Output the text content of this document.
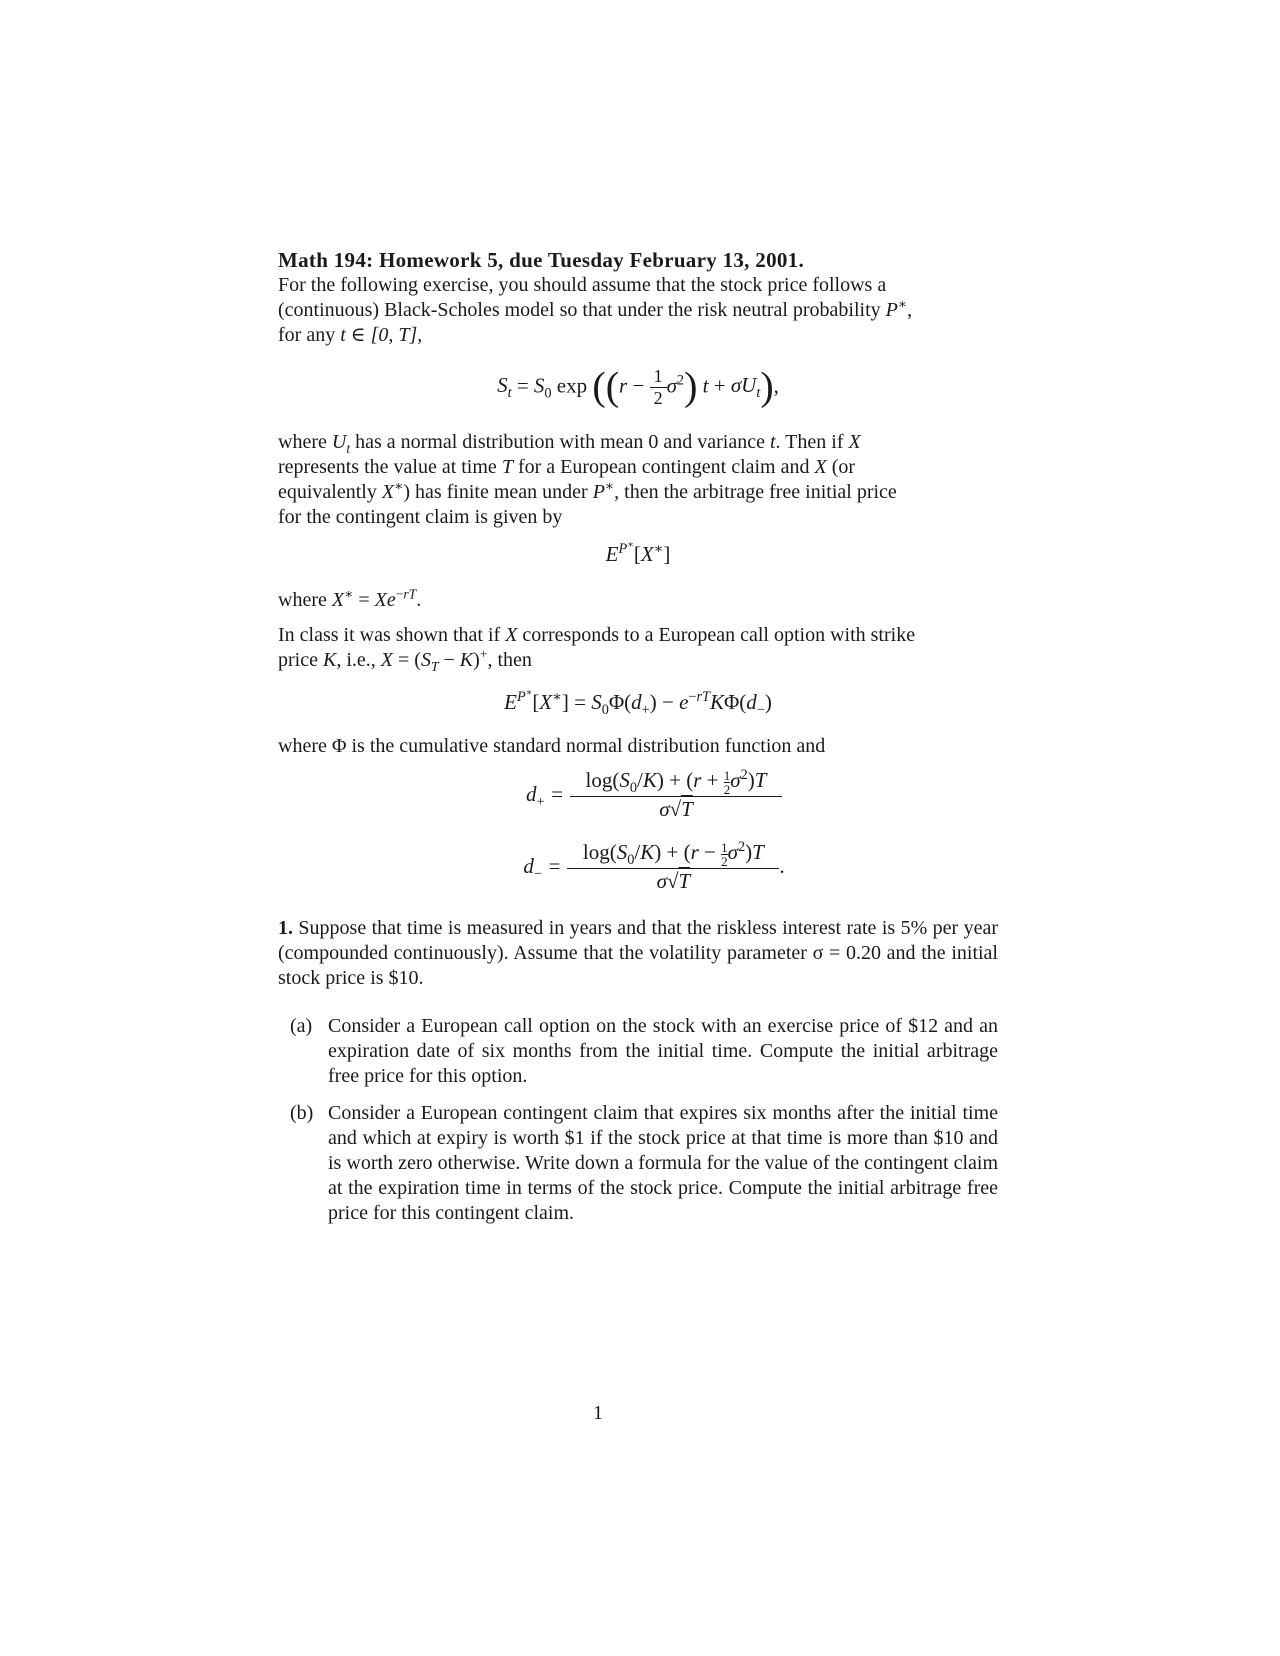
Math 194: Homework 5, due Tuesday February 13, 2001.
For the following exercise, you should assume that the stock price follows a
(continuous) Black-Scholes model so that under the risk neutral probability P∗,
for any t ∈ [0, T],
$S_t = S_0$ $\exp ((r - \frac{1}{2} \sigma^2)$ $t + \sigma U_t$),
where $U_t$ has a normal distribution with mean 0 and variance t. Then if X
represents the value at time T for a European contingent claim and X (or
equivalently X∗) has finite mean under P∗, then the arbitrage free initial price
for the contingent claim is given by
$E^{P^∗}[X^∗]$
where $X^∗ = Xe^{-rT}$.
In class it was shown that if X corresponds to a European call option with strike
price K, i.e., $X = (S_T - K)^+$, then
$E^{P^∗}[X^∗] = S_0\Phi(d_+) - e^{-rT}K\Phi(d_-)$
where Φ is the cumulative standard normal distribution function and
$d_+ = \frac{\log(S_0/K) + (r + \frac{1}{2} \sigma^2)T}{\sigma√T}$
$d_- = \frac{\log(S_0/K) + (r - \frac{1}{2} \sigma^2)T}{\sigma√T}$ .
1. Suppose that time is measured in years and that the riskless interest rate is 5% per year (compounded continuously). Assume that the volatility parameter σ = 0.20 and the initial stock price is $10.
(a) Consider a European call option on the stock with an exercise price of $12 and an expiration date of six months from the initial time. Compute the initial arbitrage free price for this option.
(b) Consider a European contingent claim that expires six months after the initial time and which at expiry is worth $1 if the stock price at that time is more than $10 and is worth zero otherwise. Write down a formula for the value of the contingent claim at the expiration time in terms of the stock price. Compute the initial arbitrage free price for this contingent claim.
1
